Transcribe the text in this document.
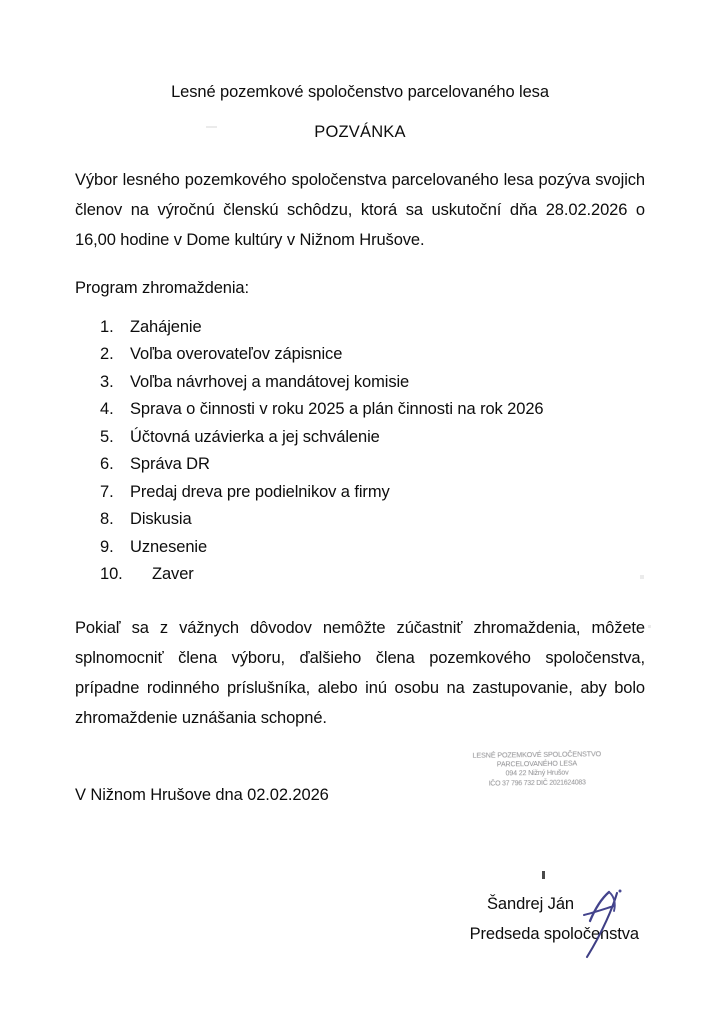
Lesné pozemkové spoločenstvo parcelovaného lesa
POZVÁNKA

Výbor lesného pozemkového spoločenstva parcelovaného lesa pozýva svojich členov na výročnú členskú schôdzu, ktorá sa uskutoční dňa 28.02.2026 o 16,00 hodine v Dome kultúry v Nižnom Hrušove.

Program zhromaždenia:
1. Zahájenie
2. Voľba overovateľov zápisnice
3. Voľba návrhovej a mandátovej komisie
4. Sprava o činnosti v roku 2025 a plán činnosti na rok 2026
5. Účtovná uzávierka a jej schválenie
6. Správa DR
7. Predaj dreva pre podielnikov a firmy
8. Diskusia
9. Uznesenie
10.	Zaver

Pokiaľ sa z vážnych dôvodov nemôžte zúčastniť zhromaždenia, môžete splnomocniť člena výboru, ďalšieho člena pozemkového spoločenstva, prípadne rodinného príslušníka, alebo inú osobu na zastupovanie, aby bolo zhromaždenie uznášania schopné.

V Nižnom Hrušove dna 02.02.2026
LESNÉ POZEMKOVÉ SPOLOČENSTVO
PARCELOVANÉHO LESA
094 22 Nižný Hrušov
IČO 37 796 732 DIČ 2021624083
Šandrej Ján
Predseda spoločenstva
